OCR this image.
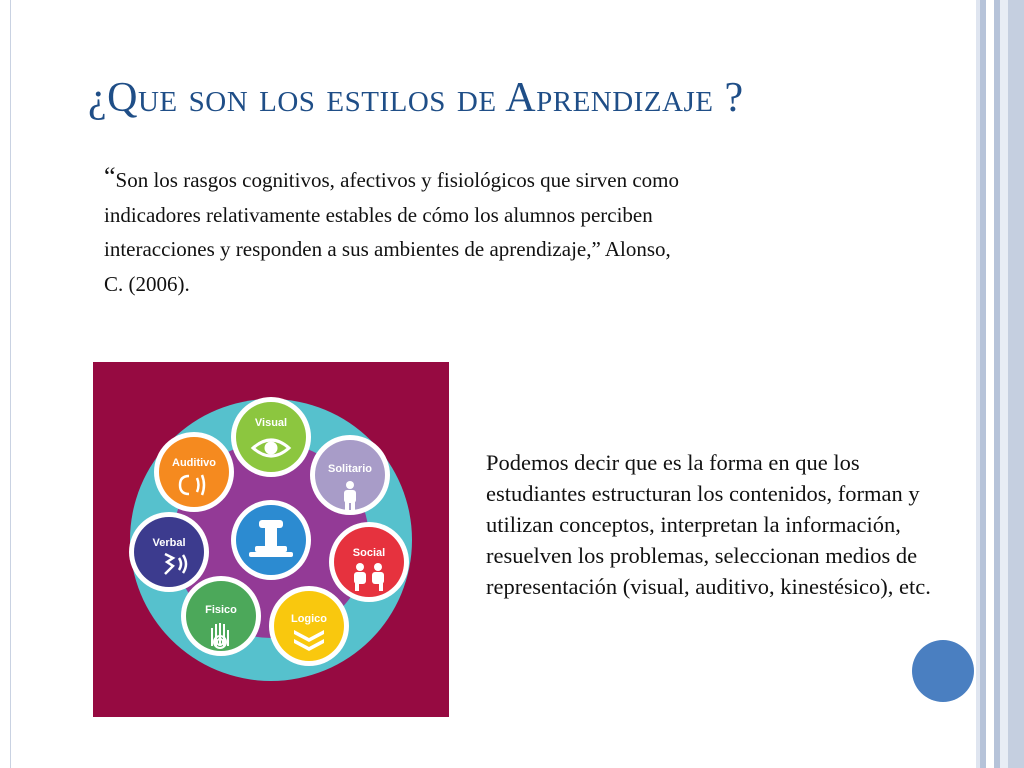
¿Que son los estilos de Aprendizaje ?

“Son los rasgos cognitivos, afectivos y fisiológicos que sirven como indicadores relativamente estables de cómo los alumnos perciben interacciones y responden a sus ambientes de aprendizaje,” Alonso, C. (2006).

Visual
Solitario
Social
Logico
Fisico
Verbal
Auditivo	Podemos decir que es la forma en que los estudiantes estructuran los contenidos, forman y utilizan conceptos, interpretan la información, resuelven los problemas, seleccionan medios de representación (visual, auditivo, kinestésico), etc.
